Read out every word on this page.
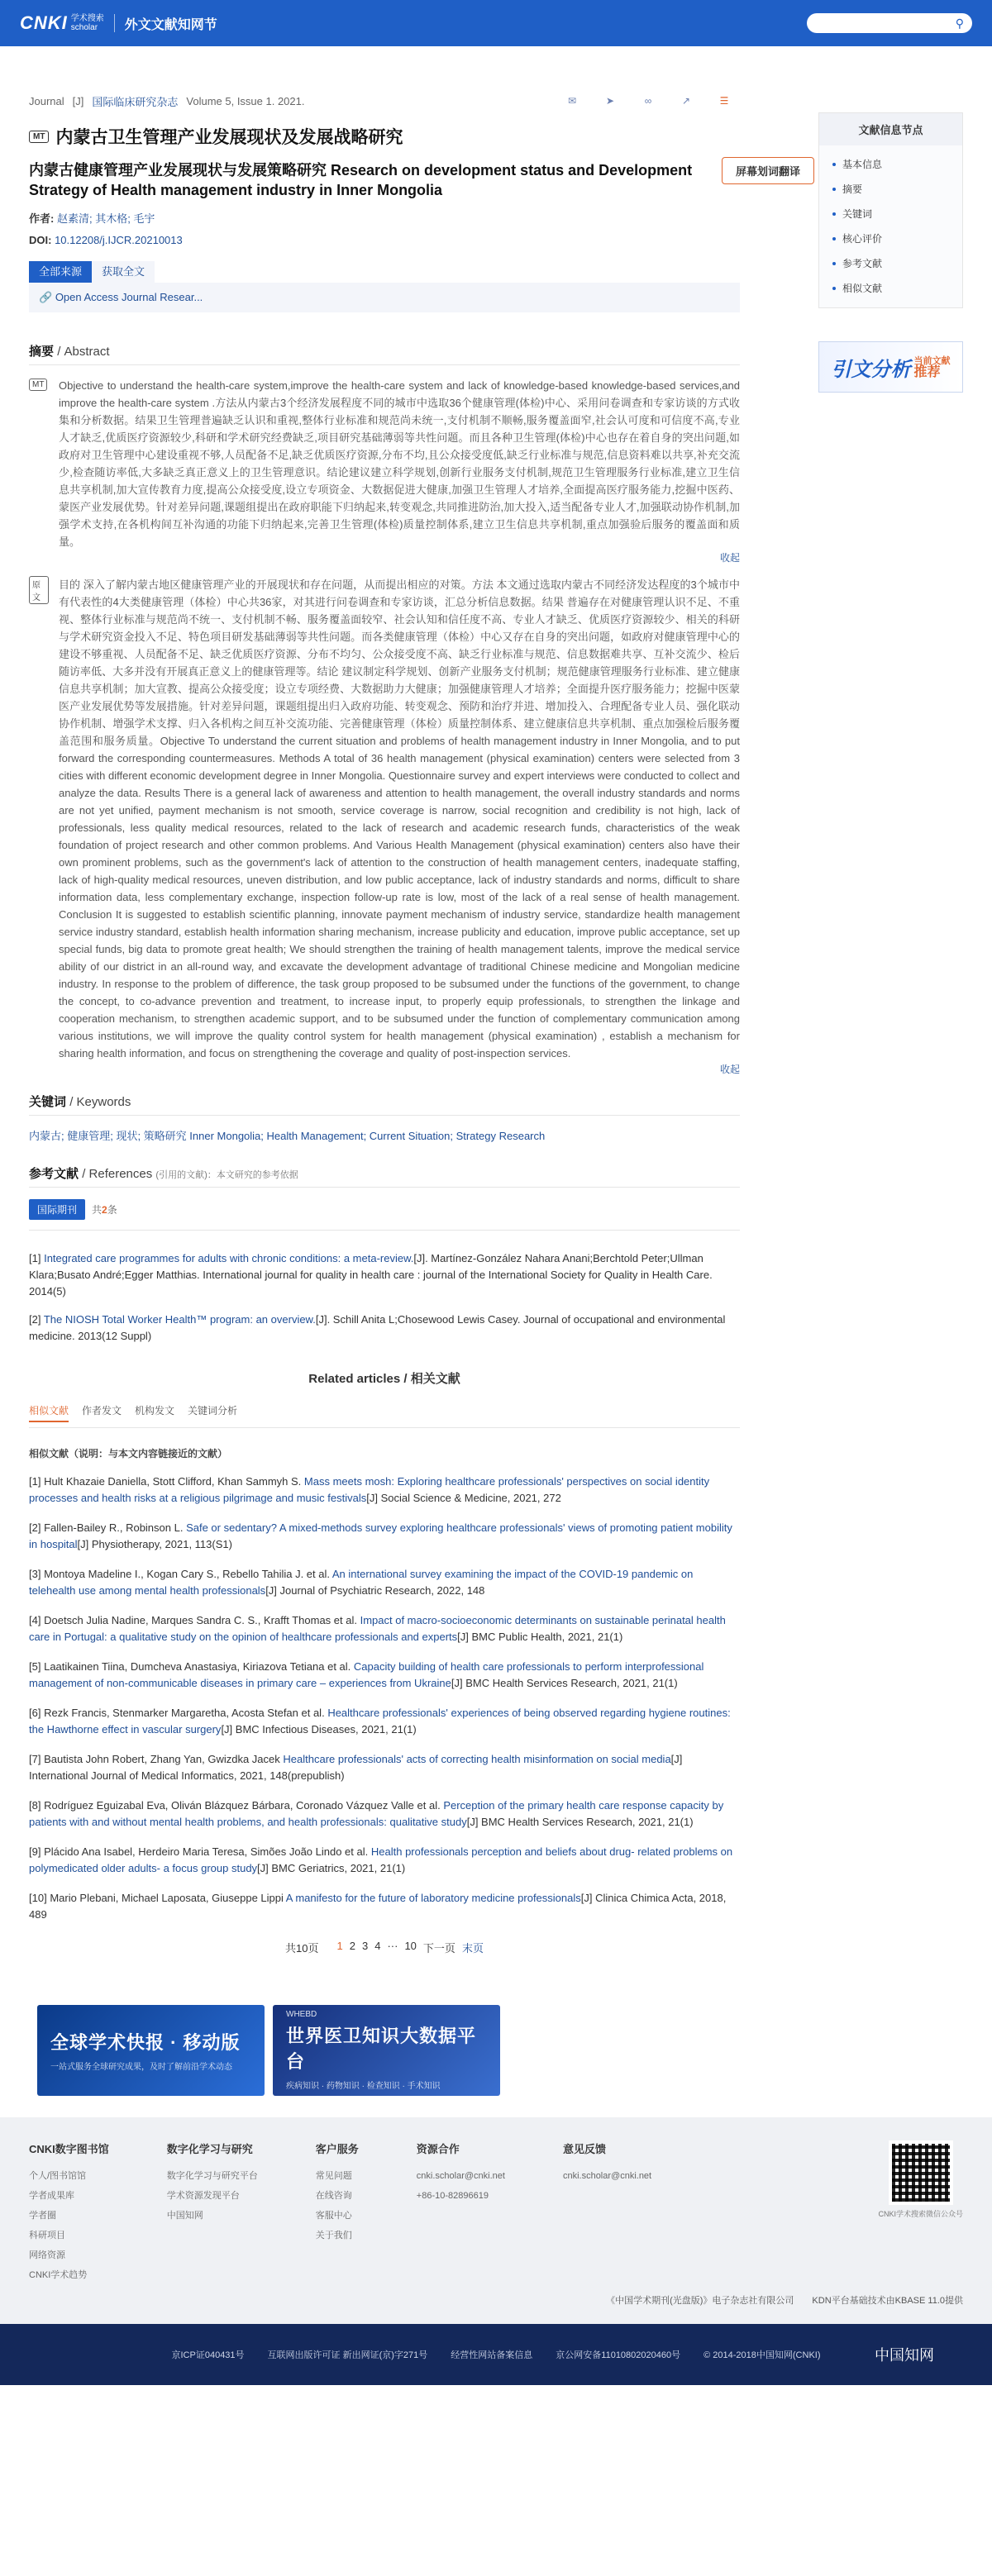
CNKI 学术搜索
scholar	外文文献知网节	⚲
Journal [J] 国际临床研究杂志 Volume 5, Issue 1. 2021.	✉	➤	∞	↗	☰
MT 内蒙古卫生管理产业发展现状及发展战略研究
内蒙古健康管理产业发展现状与发展策略研究 Research on development status and Development Strategy of Health management industry in Inner Mongolia
作者: 赵素清; 其木格; 毛宇
DOI: 10.12208/j.IJCR.20210013
全部来源	获取全文
🔗 Open Access Journal Resear...
摘要 / Abstract
MT	Objective to understand the health-care system,improve the health-care system and lack of knowledge-based knowledge-based services,and improve the health-care system .方法从内蒙古3个经济发展程度不同的城市中选取36个健康管理(体检)中心、采用问卷调查和专家访谈的方式收集和分析数据。结果卫生管理普遍缺乏认识和重视,整体行业标准和规范尚未统一,支付机制不顺畅,服务覆盖面窄,社会认可度和可信度不高,专业人才缺乏,优质医疗资源较少,科研和学术研究经费缺乏,项目研究基础薄弱等共性问题。而且各种卫生管理(体检)中心也存在着自身的突出问题,如政府对卫生管理中心建设重视不够,人员配备不足,缺乏优质医疗资源,分布不均,且公众接受度低,缺乏行业标准与规范,信息资料难以共享,补充交流少,检查随访率低,大多缺乏真正意义上的卫生管理意识。结论建议建立科学规划,创新行业服务支付机制,规范卫生管理服务行业标准,建立卫生信息共享机制,加大宣传教育力度,提高公众接受度,设立专项资金、大数据促进大健康,加强卫生管理人才培养,全面提高医疗服务能力,挖掘中医药、蒙医产业发展优势。针对差异问题,课题组提出在政府职能下归纳起来,转变观念,共同推进防治,加大投入,适当配备专业人才,加强联动协作机制,加强学术支持,在各机构间互补沟通的功能下归纳起来,完善卫生管理(体检)质量控制体系,建立卫生信息共享机制,重点加强验后服务的覆盖面和质量。

收起
原文

目的 深入了解内蒙古地区健康管理产业的开展现状和存在问题，从而提出相应的对策。方法 本文通过选取内蒙古不同经济发达程度的3个城市中有代表性的4大类健康管理（体检）中心共36家，对其进行问卷调查和专家访谈，汇总分析信息数据。结果 普遍存在对健康管理认识不足、不重视、整体行业标准与规范尚不统一、支付机制不畅、服务覆盖面较窄、社会认知和信任度不高、专业人才缺乏、优质医疗资源较少、相关的科研与学术研究资金投入不足、特色项目研发基础薄弱等共性问题。而各类健康管理（体检）中心又存在自身的突出问题，如政府对健康管理中心的建设不够重视、人员配备不足、缺乏优质医疗资源、分布不均匀、公众接受度不高、缺乏行业标准与规范、信息数据难共享、互补交流少、检后随访率低、大多并没有开展真正意义上的健康管理等。结论 建议制定科学规划、创新产业服务支付机制；规范健康管理服务行业标准、建立健康信息共享机制；加大宣教、提高公众接受度；设立专项经费、大数据助力大健康；加强健康管理人才培养；全面提升医疗服务能力；挖掘中医蒙医产业发展优势等发展措施。针对差异问题，课题组提出归入政府功能、转变观念、预防和治疗并进、增加投入、合理配备专业人员、强化联动协作机制、增强学术支撑、归入各机构之间互补交流功能、完善健康管理（体检）质量控制体系、建立健康信息共享机制、重点加强检后服务覆盖范围和服务质量。Objective To understand the current situation and problems of health management industry in Inner Mongolia, and to put forward the corresponding countermeasures. Methods A total of 36 health management (physical examination) centers were selected from 3 cities with different economic development degree in Inner Mongolia. Questionnaire survey and expert interviews were conducted to collect and analyze the data. Results There is a general lack of awareness and attention to health management, the overall industry standards and norms are not yet unified, payment mechanism is not smooth, service coverage is narrow, social recognition and credibility is not high, lack of professionals, less quality medical resources, related to the lack of research and academic research funds, characteristics of the weak foundation of project research and other common problems. And Various Health Management (physical examination) centers also have their own prominent problems, such as the government's lack of attention to the construction of health management centers, inadequate staffing, lack of high-quality medical resources, uneven distribution, and low public acceptance, lack of industry standards and norms, difficult to share information data, less complementary exchange, inspection follow-up rate is low, most of the lack of a real sense of health management. Conclusion It is suggested to establish scientific planning, innovate payment mechanism of industry service, standardize health management service industry standard, establish health information sharing mechanism, increase publicity and education, improve public acceptance, set up special funds, big data to promote great health; We should strengthen the training of health management talents, improve the medical service ability of our district in an all-round way, and excavate the development advantage of traditional Chinese medicine and Mongolian medicine industry. In response to the problem of difference, the task group proposed to be subsumed under the functions of the government, to change the concept, to co-advance prevention and treatment, to increase input, to properly equip professionals, to strengthen the linkage and cooperation mechanism, to strengthen academic support, and to be subsumed under the function of complementary communication among various institutions, we will improve the quality control system for health management (physical examination) , establish a mechanism for sharing health information, and focus on strengthening the coverage and quality of post-inspection services.

收起
关键词 / Keywords
内蒙古; 健康管理; 现状; 策略研究 Inner Mongolia; Health Management; Current Situation; Strategy Research
参考文献 / References (引用的文献)：本文研究的参考依据
国际期刊	共2条
[1] Integrated care programmes for adults with chronic conditions: a meta-review.[J]. Martínez-González Nahara Anani;Berchtold Peter;Ullman Klara;Busato André;Egger Matthias. International journal for quality in health care : journal of the International Society for Quality in Health Care. 2014(5)
[2] The NIOSH Total Worker Health™ program: an overview.[J]. Schill Anita L;Chosewood Lewis Casey. Journal of occupational and environmental medicine. 2013(12 Suppl)
Related articles / 相关文献
相似文献 作者发文 机构发文 关键词分析
相似文献（说明：与本文内容链接近的文献）
[1] Hult Khazaie Daniella, Stott Clifford, Khan Sammyh S. Mass meets mosh: Exploring healthcare professionals' perspectives on social identity processes and health risks at a religious pilgrimage and music festivals[J] Social Science & Medicine, 2021, 272
[2] Fallen-Bailey R., Robinson L. Safe or sedentary? A mixed-methods survey exploring healthcare professionals' views of promoting patient mobility in hospital[J] Physiotherapy, 2021, 113(S1)
[3] Montoya Madeline I., Kogan Cary S., Rebello Tahilia J. et al. An international survey examining the impact of the COVID-19 pandemic on telehealth use among mental health professionals[J] Journal of Psychiatric Research, 2022, 148
[4] Doetsch Julia Nadine, Marques Sandra C. S., Krafft Thomas et al. Impact of macro-socioeconomic determinants on sustainable perinatal health care in Portugal: a qualitative study on the opinion of healthcare professionals and experts[J] BMC Public Health, 2021, 21(1)
[5] Laatikainen Tiina, Dumcheva Anastasiya, Kiriazova Tetiana et al. Capacity building of health care professionals to perform interprofessional management of non-communicable diseases in primary care – experiences from Ukraine[J] BMC Health Services Research, 2021, 21(1)
[6] Rezk Francis, Stenmarker Margaretha, Acosta Stefan et al. Healthcare professionals' experiences of being observed regarding hygiene routines: the Hawthorne effect in vascular surgery[J] BMC Infectious Diseases, 2021, 21(1)
[7] Bautista John Robert, Zhang Yan, Gwizdka Jacek Healthcare professionals' acts of correcting health misinformation on social media[J] International Journal of Medical Informatics, 2021, 148(prepublish)
[8] Rodríguez Eguizabal Eva, Oliván Blázquez Bárbara, Coronado Vázquez Valle et al. Perception of the primary health care response capacity by patients with and without mental health problems, and health professionals: qualitative study[J] BMC Health Services Research, 2021, 21(1)
[9] Plácido Ana Isabel, Herdeiro Maria Teresa, Simões João Lindo et al. Health professionals perception and beliefs about drug- related problems on polymedicated older adults- a focus group study[J] BMC Geriatrics, 2021, 21(1)
[10] Mario Plebani, Michael Laposata, Giuseppe Lippi A manifesto for the future of laboratory medicine professionals[J] Clinica Chimica Acta, 2018, 489
共10页 1 2 3 4 ··· 10 下一页 末页
全球学术快报 · 移动版
一站式服务全球研究成果，及时了解前沿学术动态
WHEBD
世界医卫知识大数据平台
疾病知识 · 药物知识 · 检查知识 · 手术知识
屏幕划词翻译
文献信息节点
基本信息
摘要
关键词
核心评价
参考文献
相似文献
引文分析 当前文献
推荐
CNKI数字图书馆
个人/图书馆馆
学者成果库
学者圈
科研项目
网络资源
CNKI学术趋势
数字化学习与研究
数字化学习与研究平台
学术资源发现平台
中国知网
客户服务
常见问题
在线咨询
客服中心
关于我们
资源合作
cnki.scholar@cnki.net
+86-10-82896619
意见反馈
cnki.scholar@cnki.net
CNKI学术搜索微信公众号
《中国学术期刊(光盘版)》电子杂志社有限公司　　KDN平台基础技术由KBASE 11.0提供
京ICP证040431号	互联网出版许可证 新出网证(京)字271号	经营性网站备案信息	京公网安备11010802020460号	© 2014-2018中国知网(CNKI)	中国知网
